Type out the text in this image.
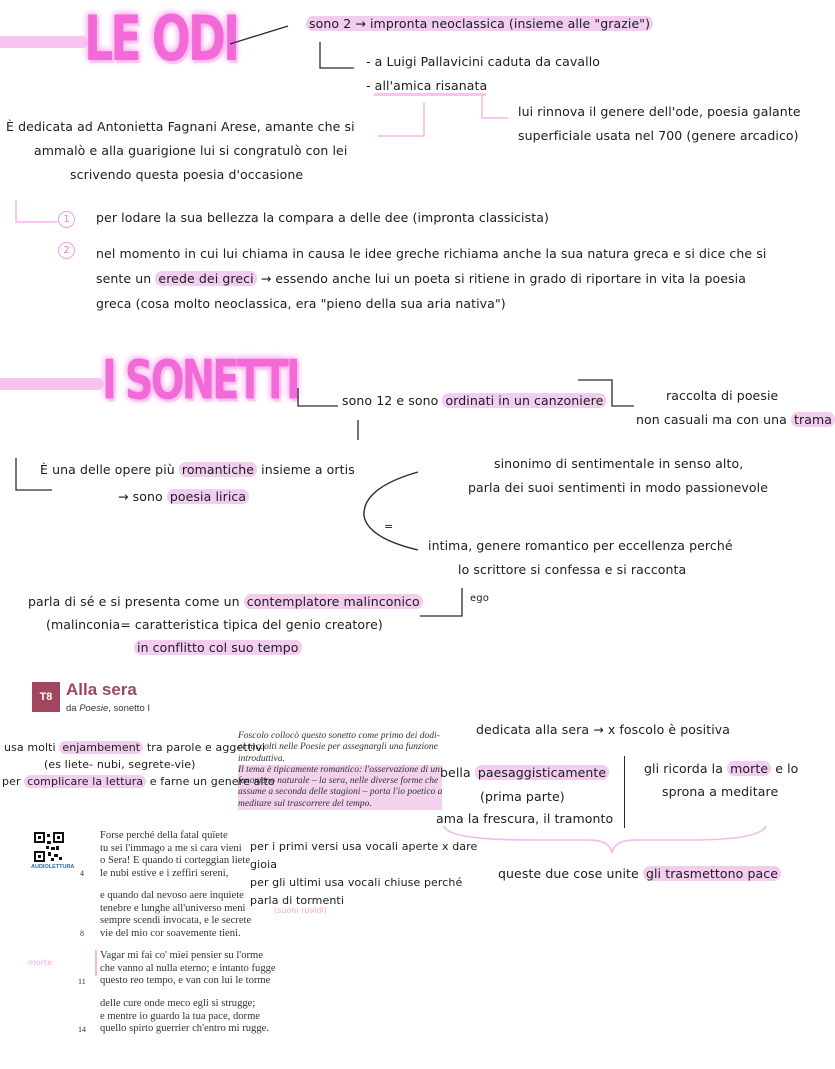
LE ODI	sono 2 → impronta neoclassica (insieme alle "grazie")
- a Luigi Pallavicini caduta da cavallo
- all'amica risanata
lui rinnova il genere dell'ode, poesia galante
superficiale usata nel 700 (genere arcadico)
È dedicata ad Antonietta Fagnani Arese, amante che si
ammalò e alla guarigione lui si congratulò con lei
scrivendo questa poesia d'occasione
1	per lodare la sua bellezza la compara a delle dee (impronta classicista)
2	nel momento in cui lui chiama in causa le idee greche richiama anche la sua natura greca e si dice che si
sente un erede dei greci → essendo anche lui un poeta si ritiene in grado di riportare in vita la poesia
greca (cosa molto neoclassica, era "pieno della sua aria nativa")
I SONETTI	sono 12 e sono ordinati in un canzoniere	raccolta di poesie
non casuali ma con una trama
È una delle opere più romantiche insieme a ortis
→ sono poesia lirica
sinonimo di sentimentale in senso alto,
parla dei suoi sentimenti in modo passionevole
=
intima, genere romantico per eccellenza perché
lo scrittore si confessa e si racconta
ego
parla di sé e si presenta come un contemplatore malinconico
(malinconia= caratteristica tipica del genio creatore)
in conflitto col suo tempo
T8 Alla sera
da Poesie, sonetto I
Foscolo collocò questo sonetto come primo dei dodi-
ci raccolti nelle Poesie per assegnargli una funzione
introduttiva.
Il tema è tipicamente romantico: l'osservazione di un
fenomeno naturale – la sera, nelle diverse forme che
assume a seconda delle stagioni – porta l'io poetico a
meditare sul trascorrere del tempo.
AUDIOLETTURA
Forse perché della fatal quïete
tu sei l'immago a me sì cara vieni
o Sera! E quando ti corteggian liete
le nubi estive e i zeffiri sereni,
e quando dal nevoso aere inquiete
tenebre e lunghe all'universo meni
sempre scendi invocata, e le secrete
vie del mio cor soavemente tieni.
Vagar mi fai co' miei pensier su l'orme
che vanno al nulla eterno; e intanto fugge
questo reo tempo, e van con lui le torme
delle cure onde meco egli si strugge;
e mentre io guardo la tua pace, dorme
quello spirto guerrier ch'entro mi rugge.
4
8
11
14
morte
(suoni ruvidi)
usa molti enjambement tra parole e aggettivi
(es liete- nubi, segrete-vie)
per complicare la lettura e farne un genere alto
per i primi versi usa vocali aperte x dare
gioia
per gli ultimi usa vocali chiuse perché
parla di tormenti
dedicata alla sera → x foscolo è positiva
bella paesaggisticamente
(prima parte)
ama la frescura, il tramonto
gli ricorda la morte e lo
sprona a meditare
queste due cose unite gli trasmettono pace
